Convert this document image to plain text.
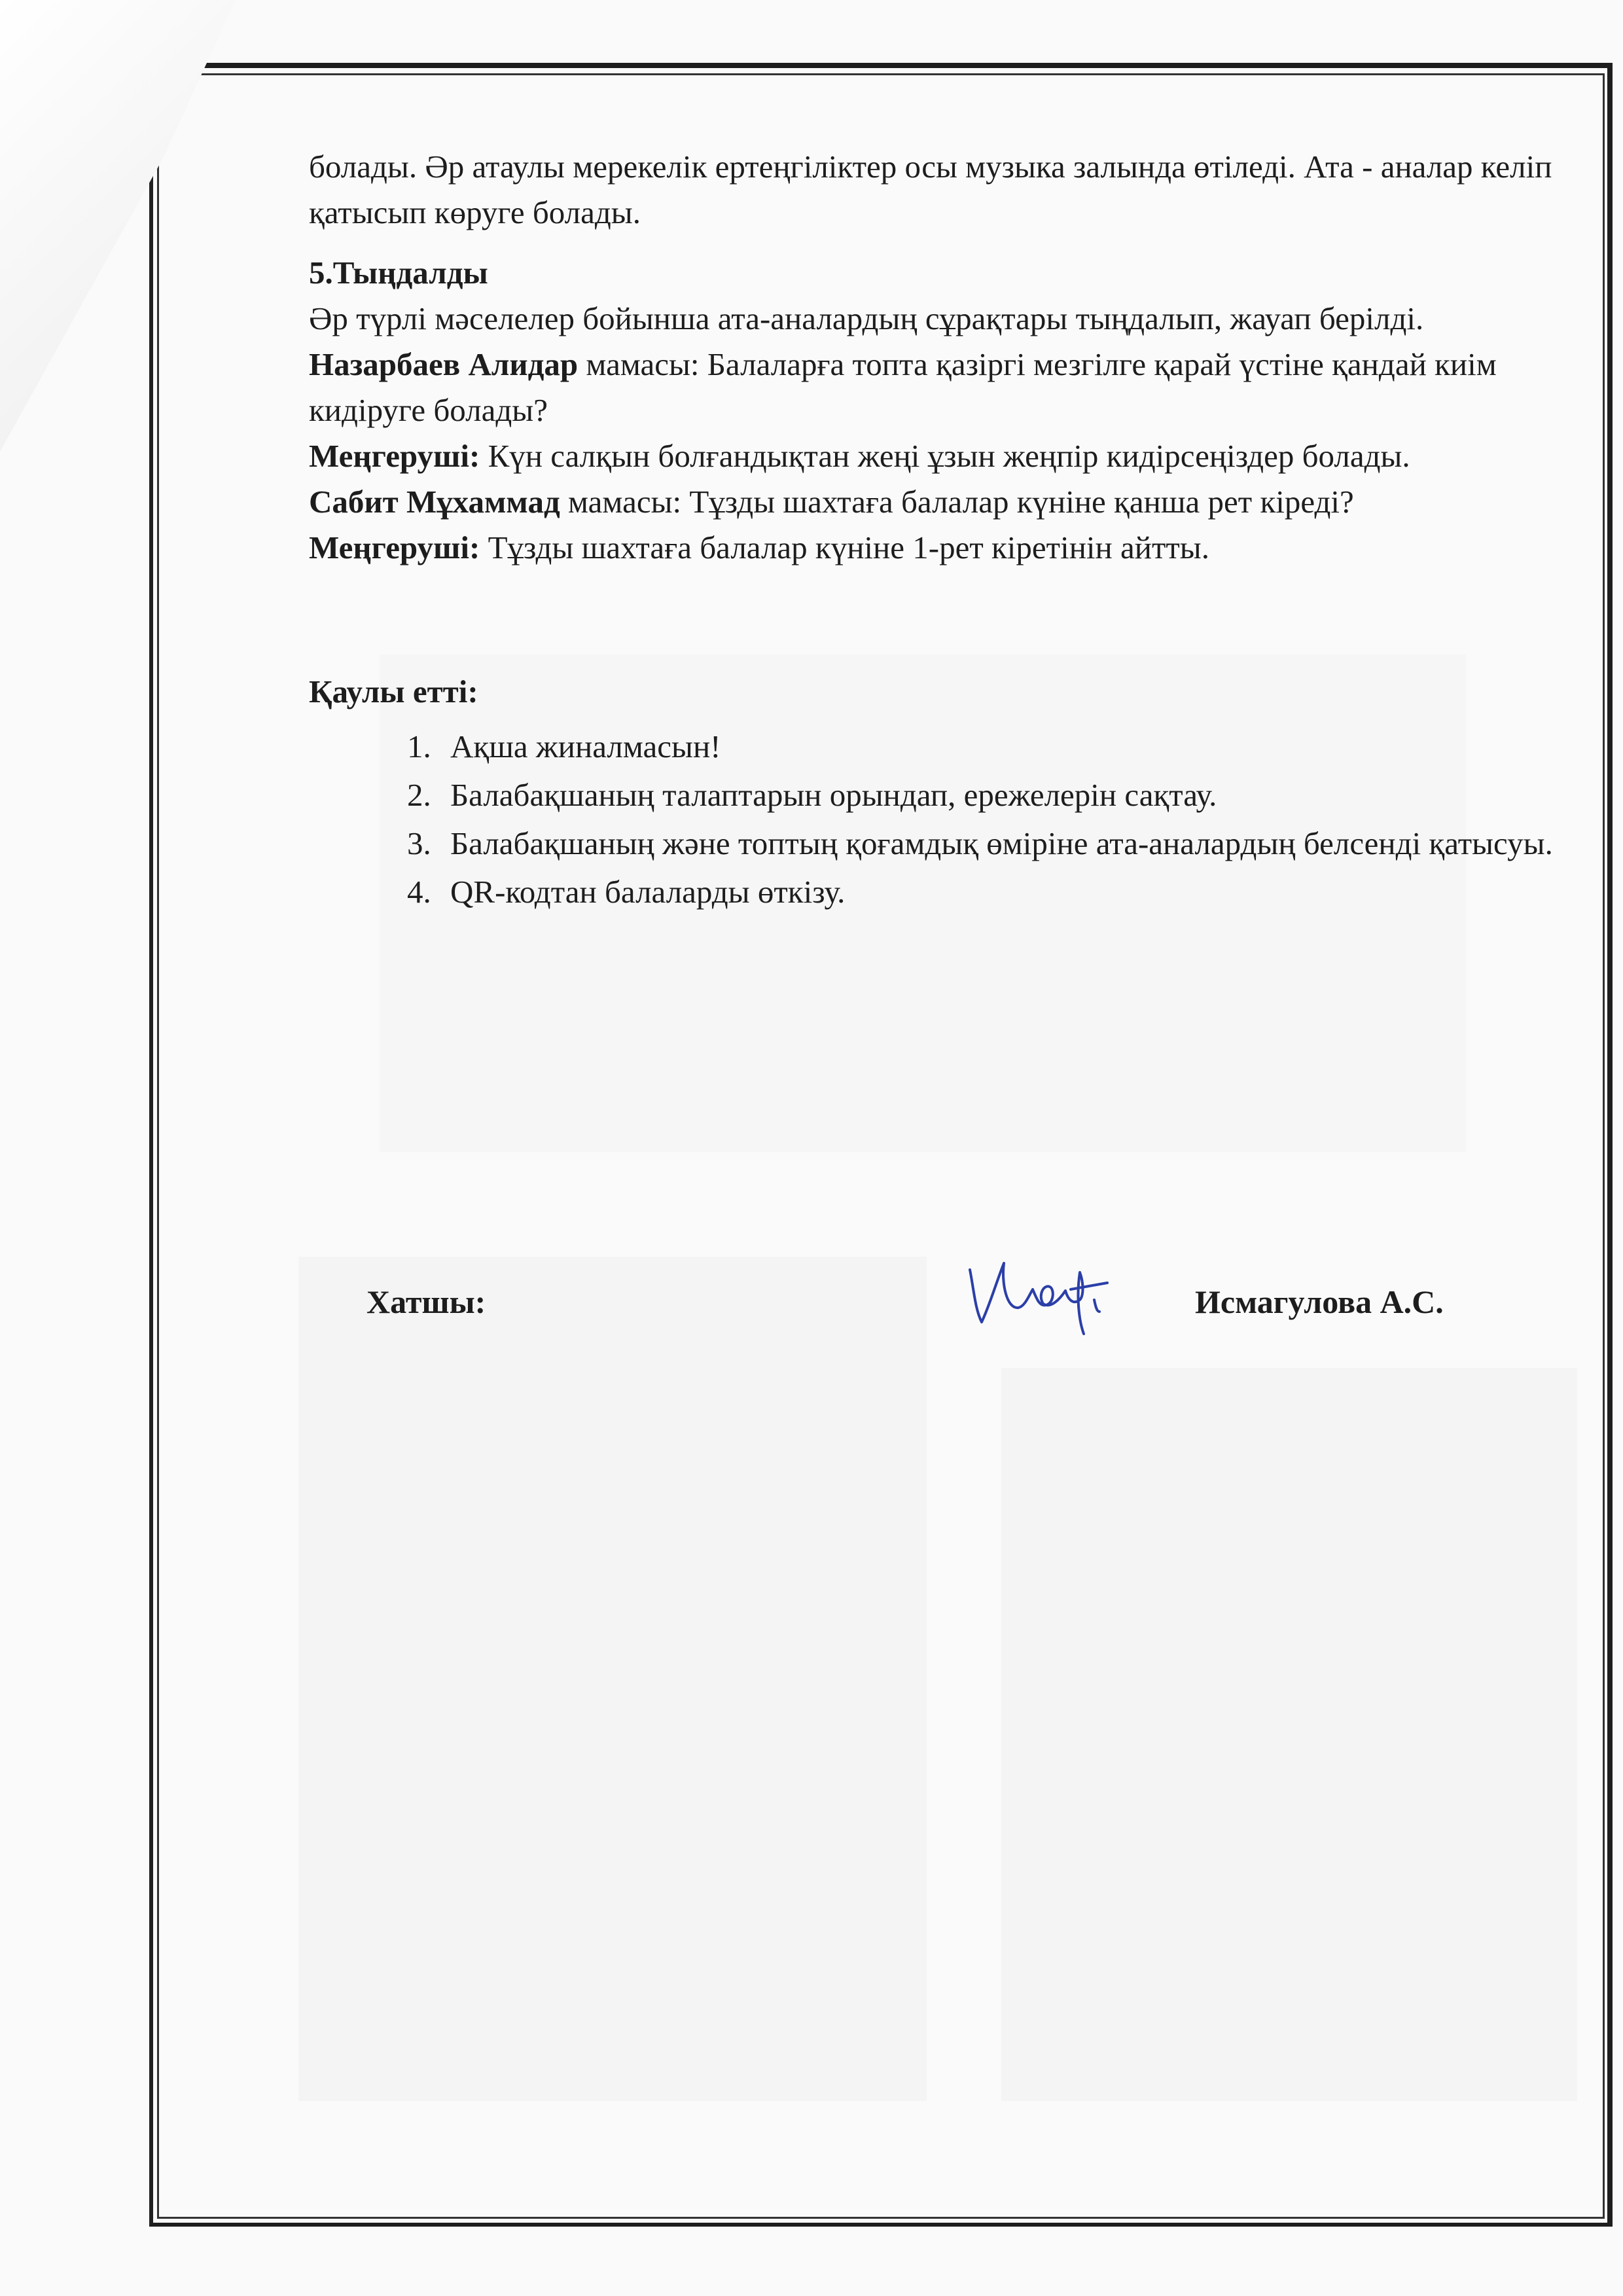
болады. Әр атаулы мерекелік ертеңгіліктер осы музыка залында өтіледі. Ата - аналар келіп қатысып көруге болады.

5.Тыңдалды

Әр түрлі мәселелер бойынша ата-аналардың сұрақтары тыңдалып, жауап берілді.

Назарбаев Алидар мамасы: Балаларға топта қазіргі мезгілге қарай үстіне қандай киім кидіруге болады?

Меңгеруші: Күн салқын болғандықтан жеңі ұзын жеңпір кидірсеңіздер болады.

Сабит Мұхаммад мамасы: Тұзды шахтаға балалар күніне қанша рет кіреді?

Меңгеруші: Тұзды шахтаға балалар күніне 1-рет кіретінін айтты.

Қаулы етті:

1. Ақша жиналмасын!
2. Балабақшаның талаптарын орындап, ережелерін сақтау.
3. Балабақшаның және топтың қоғамдық өміріне ата-аналардың белсенді қатысуы.
4. QR-кодтан балаларды өткізу.
Хатшы:	Исмагулова А.С.
